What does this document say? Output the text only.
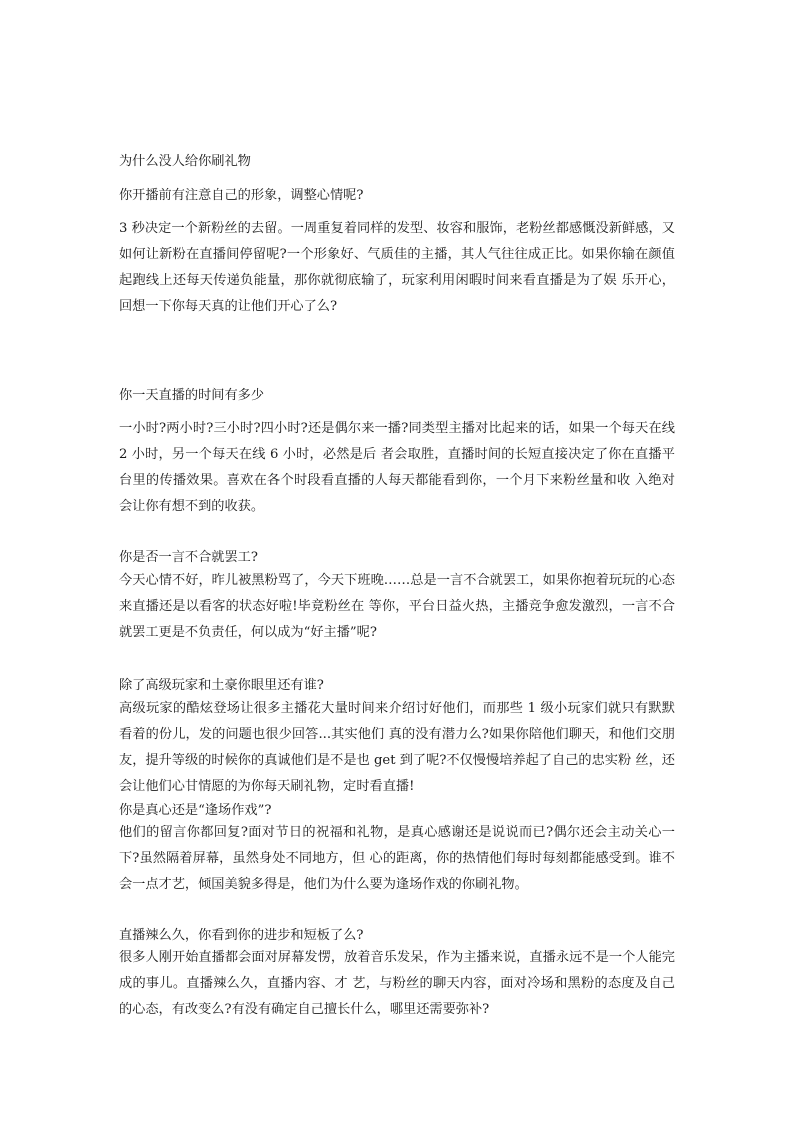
为什么没人给你刷礼物

你开播前有注意自己的形象，调整心情呢?

3 秒决定一个新粉丝的去留。一周重复着同样的发型、妆容和服饰，老粉丝都感慨没新鲜感，又如何让新粉在直播间停留呢?一个形象好、气质佳的主播，其人气往往成正比。如果你输在颜值起跑线上还每天传递负能量，那你就彻底输了，玩家利用闲暇时间来看直播是为了娱 乐开心，回想一下你每天真的让他们开心了么?

你一天直播的时间有多少

一小时?两小时?三小时?四小时?还是偶尔来一播?同类型主播对比起来的话，如果一个每天在线 2 小时，另一个每天在线 6 小时，必然是后 者会取胜，直播时间的长短直接决定了你在直播平台里的传播效果。喜欢在各个时段看直播的人每天都能看到你，一个月下来粉丝量和收 入绝对会让你有想不到的收获。

你是否一言不合就罢工?

今天心情不好，昨儿被黑粉骂了，今天下班晚……总是一言不合就罢工，如果你抱着玩玩的心态来直播还是以看客的状态好啦!毕竟粉丝在 等你，平台日益火热，主播竞争愈发激烈，一言不合就罢工更是不负责任，何以成为“好主播”呢?

除了高级玩家和土豪你眼里还有谁?

高级玩家的酷炫登场让很多主播花大量时间来介绍讨好他们，而那些 1 级小玩家们就只有默默看着的份儿，发的问题也很少回答...其实他们 真的没有潜力么?如果你陪他们聊天，和他们交朋友，提升等级的时候你的真诚他们是不是也 get 到了呢?不仅慢慢培养起了自己的忠实粉 丝，还会让他们心甘情愿的为你每天刷礼物，定时看直播!

你是真心还是“逢场作戏”?

他们的留言你都回复?面对节日的祝福和礼物，是真心感谢还是说说而已?偶尔还会主动关心一下?虽然隔着屏幕，虽然身处不同地方，但 心的距离，你的热情他们每时每刻都能感受到。谁不会一点才艺，倾国美貌多得是，他们为什么要为逢场作戏的你刷礼物。

直播辣么久，你看到你的进步和短板了么?

很多人刚开始直播都会面对屏幕发愣，放着音乐发呆，作为主播来说，直播永远不是一个人能完成的事儿。直播辣么久，直播内容、才 艺，与粉丝的聊天内容，面对冷场和黑粉的态度及自己的心态，有改变么?有没有确定自己擅长什么，哪里还需要弥补?
